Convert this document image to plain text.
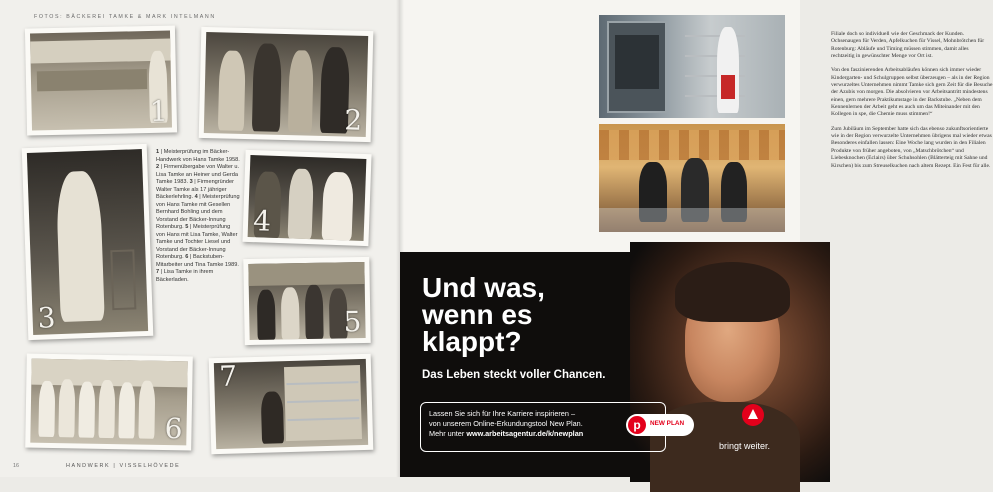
FOTOS: BÄCKEREI TAMKE & MARK INTELMANN
1	2
3
4
5
6
7
1 | Meisterprüfung im Bäcker-Handwerk von Hans Tamke 1958. 2 | Firmenübergabe von Walter u. Lisa Tamke an Heiner und Gerda Tamke 1983. 3 | Firmengründer Walter Tamke als 17 jähriger Bäckerlehrling. 4 | Meisterprüfung von Hans Tamke mit Gesellen Bernhard Bohling und dem Vorstand der Bäcker-Innung Rotenburg. 5 | Meisterprüfung von Hans mit Lisa Tamke, Walter Tamke und Tochter Liesel und Vorstand der Bäcker-Innung Rotenburg. 6 | Backstuben-Mitarbeiter und Tina Tamke 1989. 7 | Lisa Tamke in ihrem Bäckerladen.
16	HANDWERK | VISSELHÖVEDE

Filiale doch so individuell wie der Geschmack der Kunden. Ochsenaugen für Verden, Apfelkuchen für Vissel, Mohnbrötchen für Rotenburg: Abläufe und Timing müssen stimmen, damit alles rechtzeitig in gewünschter Menge vor Ort ist.

Von den faszinierenden Arbeitsabläufen können sich immer wieder Kindergarten- und Schulgruppen selbst überzeugen – als in der Region verwurzeltes Unternehmen nimmt Tamke sich gern Zeit für die Besuche der Azubis von morgen. Die absolvieren vor Arbeitsantritt mindestens einen, gern mehrere Praktikumstage in der Backstube. „Neben dem Kennenlernen der Arbeit geht es auch um das Miteinander mit den Kollegen in spe, die Chemie muss stimmen!“

Zum Jubiläum im September hatte sich das ebenso zukunftsorientierte wie in der Region verwurzelte Unternehmen übrigens mal wieder etwas Besonderes einfallen lassen: Eine Woche lang wurden in den Filialen Produkte von früher angeboten, von „Matschbrötchen“ und Liebesknochen (Eclairs) über Schuhsohlen (Blätterteig mit Sahne und Kirschen) bis zum Streuselkuchen nach altem Rezept. Ein Fest für alle.

Und was,
wenn es
klappt?
Das Leben steckt voller Chancen.
Lassen Sie sich für Ihre Karriere inspirieren –
von unserem Online-Erkundungstool New Plan.
Mehr unter www.arbeitsagentur.de/k/newplan
p	NEW PLAN
bringt weiter.
